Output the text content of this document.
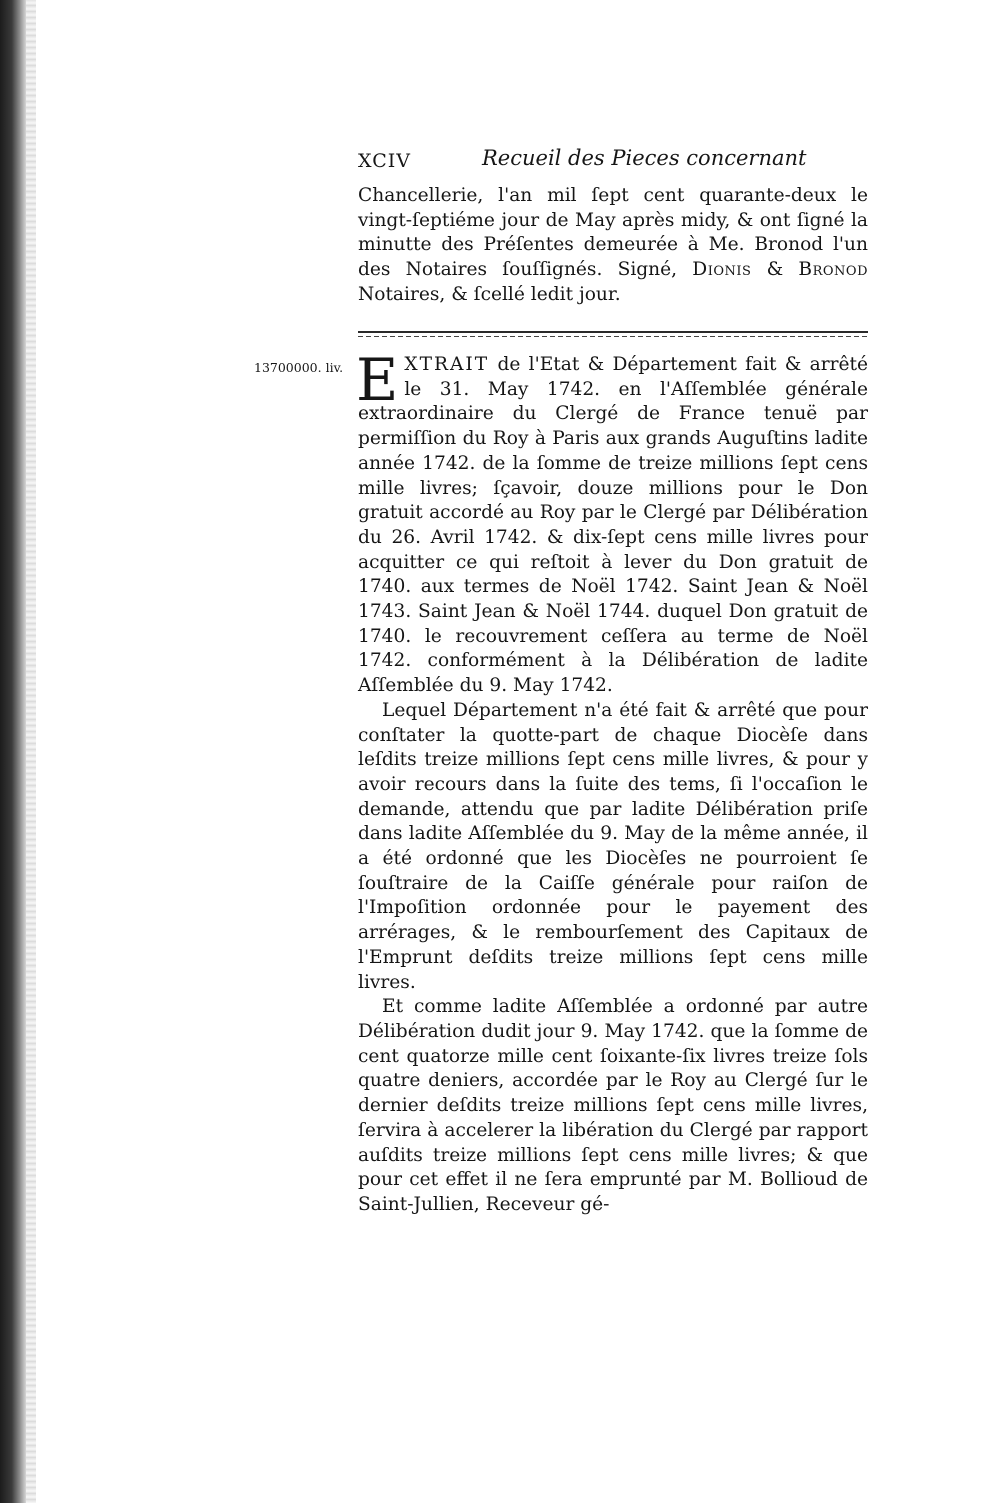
XCIV	Recueil des Pieces concernant
Chancellerie, l'an mil ſept cent quarante-deux le vingt-ſeptiéme jour de May après midy, & ont ſigné la minutte des Préſentes demeurée à Me. Bronod l'un des Notaires ſouſſignés. Signé, Dionis & Bronod Notaires, & ſcellé ledit jour.
13700000. liv. EXTRAIT de l'Etat & Département fait & arrêté le 31. May 1742. en l'Aſſemblée générale extraordinaire du Clergé de France tenuë par permiſſion du Roy à Paris aux grands Auguſtins ladite année 1742. de la ſomme de treize millions ſept cens mille livres; ſçavoir, douze millions pour le Don gratuit accordé au Roy par le Clergé par Délibération du 26. Avril 1742. & dix-ſept cens mille livres pour acquitter ce qui reſtoit à lever du Don gratuit de 1740. aux termes de Noël 1742. Saint Jean & Noël 1743. Saint Jean & Noël 1744. duquel Don gratuit de 1740. le recouvrement ceſſera au terme de Noël 1742. conformément à la Délibération de ladite Aſſemblée du 9. May 1742.

Lequel Département n'a été fait & arrêté que pour conſtater la quotte-part de chaque Diocèſe dans leſdits treize millions ſept cens mille livres, & pour y avoir recours dans la ſuite des tems, ſi l'occaſion le demande, attendu que par ladite Délibération priſe dans ladite Aſſemblée du 9. May de la même année, il a été ordonné que les Diocèſes ne pourroient ſe ſouſtraire de la Caiſſe générale pour raiſon de l'Impoſition ordonnée pour le payement des arrérages, & le rembourſement des Capitaux de l'Emprunt deſdits treize millions ſept cens mille livres.

Et comme ladite Aſſemblée a ordonné par autre Délibération dudit jour 9. May 1742. que la ſomme de cent quatorze mille cent ſoixante-ſix livres treize ſols quatre deniers, accordée par le Roy au Clergé ſur le dernier deſdits treize millions ſept cens mille livres, ſervira à accelerer la libération du Clergé par rapport auſdits treize millions ſept cens mille livres; & que pour cet effet il ne ſera emprunté par M. Bollioud de Saint-Jullien, Receveur gé-
